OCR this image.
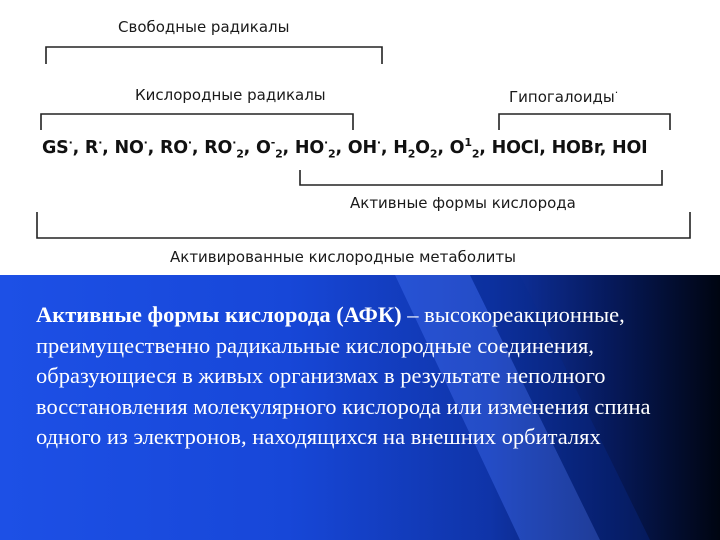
Свободные радикалы
Кислородные радикалы	Гипогалоиды·
GS·, R·, NO·, RO·, $RO^\cdot_2$, $O^-_2$, $HO^\cdot_2$, OH·, $H_2O_2$, $O^1_2$, HOCl, HOBr, HOI
Активные формы кислорода
Активированные кислородные метаболиты
Активные формы кислорода (АФК) – высокореакционные, преимущественно радикальные кислородные соединения, образующиеся в живых организмах в результате неполного восстановления молекулярного кислорода или изменения спина одного из электронов, находящихся на внешних орбиталях
